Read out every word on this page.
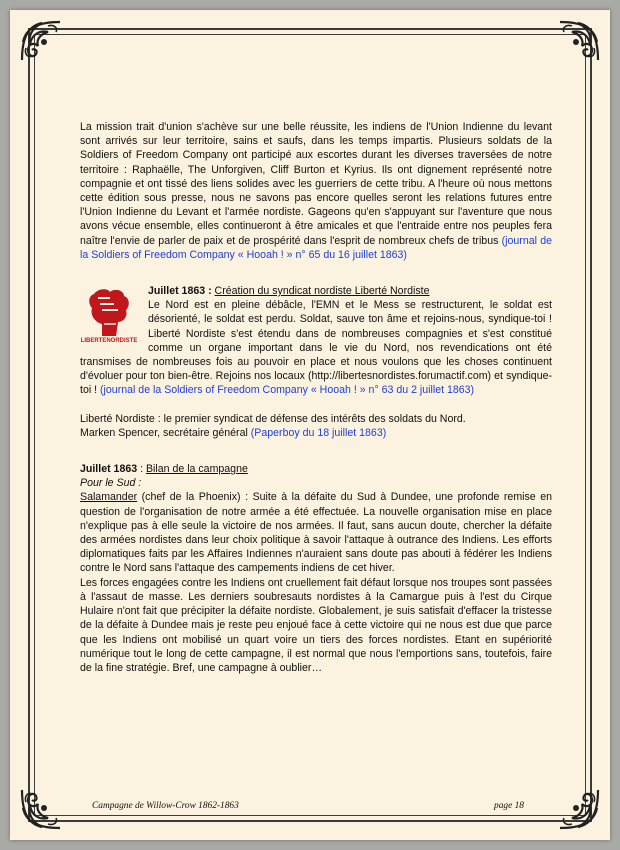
La mission trait d'union s'achève sur une belle réussite, les indiens de l'Union Indienne du levant sont arrivés sur leur territoire, sains et saufs, dans les temps impartis. Plusieurs soldats de la Soldiers of Freedom Company ont participé aux escortes durant les diverses traversées de notre territoire : Raphaëlle, The Unforgiven, Cliff Burton et Kyrius. Ils ont dignement représenté notre compagnie et ont tissé des liens solides avec les guerriers de cette tribu. A l'heure où nous mettons cette édition sous presse, nous ne savons pas encore quelles seront les relations futures entre l'Union Indienne du Levant et l'armée nordiste. Gageons qu'en s'appuyant sur l'aventure que nous avons vécue ensemble, elles continueront à être amicales et que l'entraide entre nos peuples fera naître l'envie de parler de paix et de prospérité dans l'esprit de nombreux chefs de tribus (journal de la Soldiers of Freedom Company « Hooah ! » n° 65 du 16 juillet 1863)

LIBERTENORDISTE

Juillet 1863 : Création du syndicat nordiste Liberté Nordiste

Le Nord est en pleine débâcle, l'EMN et le Mess se restructurent, le soldat est désorienté, le soldat est perdu. Soldat, sauve ton âme et rejoins-nous, syndique-toi ! Liberté Nordiste s'est étendu dans de nombreuses compagnies et s'est constitué comme un organe important dans le vie du Nord, nos revendications ont été transmises de nombreuses fois au pouvoir en place et nous voulons que les choses continuent d'évoluer pour ton bien-être. Rejoins nos locaux (http://libertesnordistes.forumactif.com) et syndique-toi ! (journal de la Soldiers of Freedom Company « Hooah ! » n° 63 du 2 juillet 1863)

Liberté Nordiste : le premier syndicat de défense des intérêts des soldats du Nord.

Marken Spencer, secrétaire général (Paperboy du 18 juillet 1863)

Juillet 1863 : Bilan de la campagne

Pour le Sud :

Salamander (chef de la Phoenix) : Suite à la défaite du Sud à Dundee, une profonde remise en question de l'organisation de notre armée a été effectuée. La nouvelle organisation mise en place n'explique pas à elle seule la victoire de nos armées. Il faut, sans aucun doute, chercher la défaite des armées nordistes dans leur choix politique à savoir l'attaque à outrance des Indiens. Les efforts diplomatiques faits par les Affaires Indiennes n'auraient sans doute pas abouti à fédérer les Indiens contre le Nord sans l'attaque des campements indiens de cet hiver.

Les forces engagées contre les Indiens ont cruellement fait défaut lorsque nos troupes sont passées à l'assaut de masse. Les derniers soubresauts nordistes à la Camargue puis à l'est du Cirque Hulaire n'ont fait que précipiter la défaite nordiste. Globalement, je suis satisfait d'effacer la tristesse de la défaite à Dundee mais je reste peu enjoué face à cette victoire qui ne nous est due que parce que les Indiens ont mobilisé un quart voire un tiers des forces nordistes. Etant en supériorité numérique tout le long de cette campagne, il est normal que nous l'emportions sans, toutefois, faire de la fine stratégie. Bref, une campagne à oublier…

Campagne de Willow-Crow 1862-1863	page 18
